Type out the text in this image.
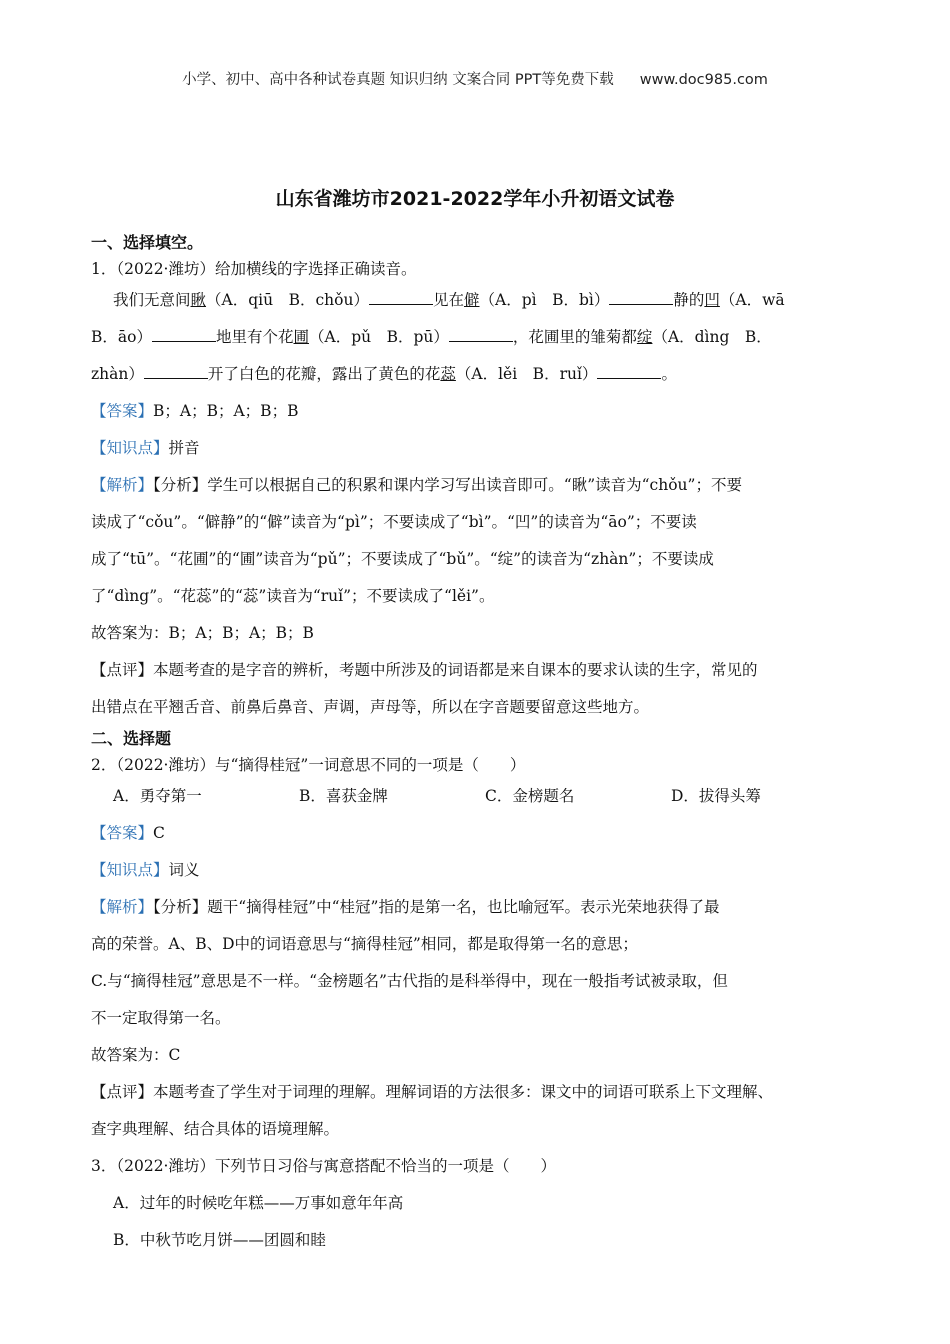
小学、初中、高中各种试卷真题 知识归纳 文案合同 PPT等免费下载 www.doc985.com
山东省潍坊市2021-2022学年小升初语文试卷
一、选择填空。
1．（2022·潍坊）给加横线的字选择正确读音。
我们无意间瞅（A．qiū　B．chǒu）	见在僻（A．pì　B．bì）	静的凹（A．wā
B．āo）	地里有个花圃（A．pǔ　B．pū）	，花圃里的雏菊都绽（A．dìng　B．
zhàn）	开了白色的花瓣，露出了黄色的花蕊（A．lěi　B．ruǐ）	。
【答案】B；A；B；A；B；B
【知识点】拼音
【解析】【分析】学生可以根据自己的积累和课内学习写出读音即可。“瞅”读音为“chǒu”；不要
读成了“cǒu”。“僻静”的“僻”读音为“pì”；不要读成了“bì”。“凹”的读音为“āo”；不要读
成了“tū”。“花圃”的“圃”读音为“pǔ”；不要读成了“bǔ”。“绽”的读音为“zhàn”；不要读成
了“dìng”。“花蕊”的“蕊”读音为“ruǐ”；不要读成了“lěi”。
故答案为：B；A；B；A；B；B
【点评】本题考查的是字音的辨析，考题中所涉及的词语都是来自课本的要求认读的生字，常见的
出错点在平翘舌音、前鼻后鼻音、声调，声母等，所以在字音题要留意这些地方。
二、选择题
2．（2022·潍坊）与“摘得桂冠”一词意思不同的一项是（　　）
A．勇夺第一	B．喜获金牌	C．金榜题名	D．拔得头筹
【答案】C
【知识点】词义
【解析】【分析】题干“摘得桂冠”中“桂冠”指的是第一名，也比喻冠军。表示光荣地获得了最
高的荣誉。A、B、D中的词语意思与“摘得桂冠”相同，都是取得第一名的意思；
C.与“摘得桂冠”意思是不一样。“金榜题名”古代指的是科举得中，现在一般指考试被录取，但
不一定取得第一名。
故答案为：C
【点评】本题考查了学生对于词理的理解。理解词语的方法很多：课文中的词语可联系上下文理解、
查字典理解、结合具体的语境理解。
3．（2022·潍坊）下列节日习俗与寓意搭配不恰当的一项是（　　）
A．过年的时候吃年糕——万事如意年年高
B．中秋节吃月饼——团圆和睦
